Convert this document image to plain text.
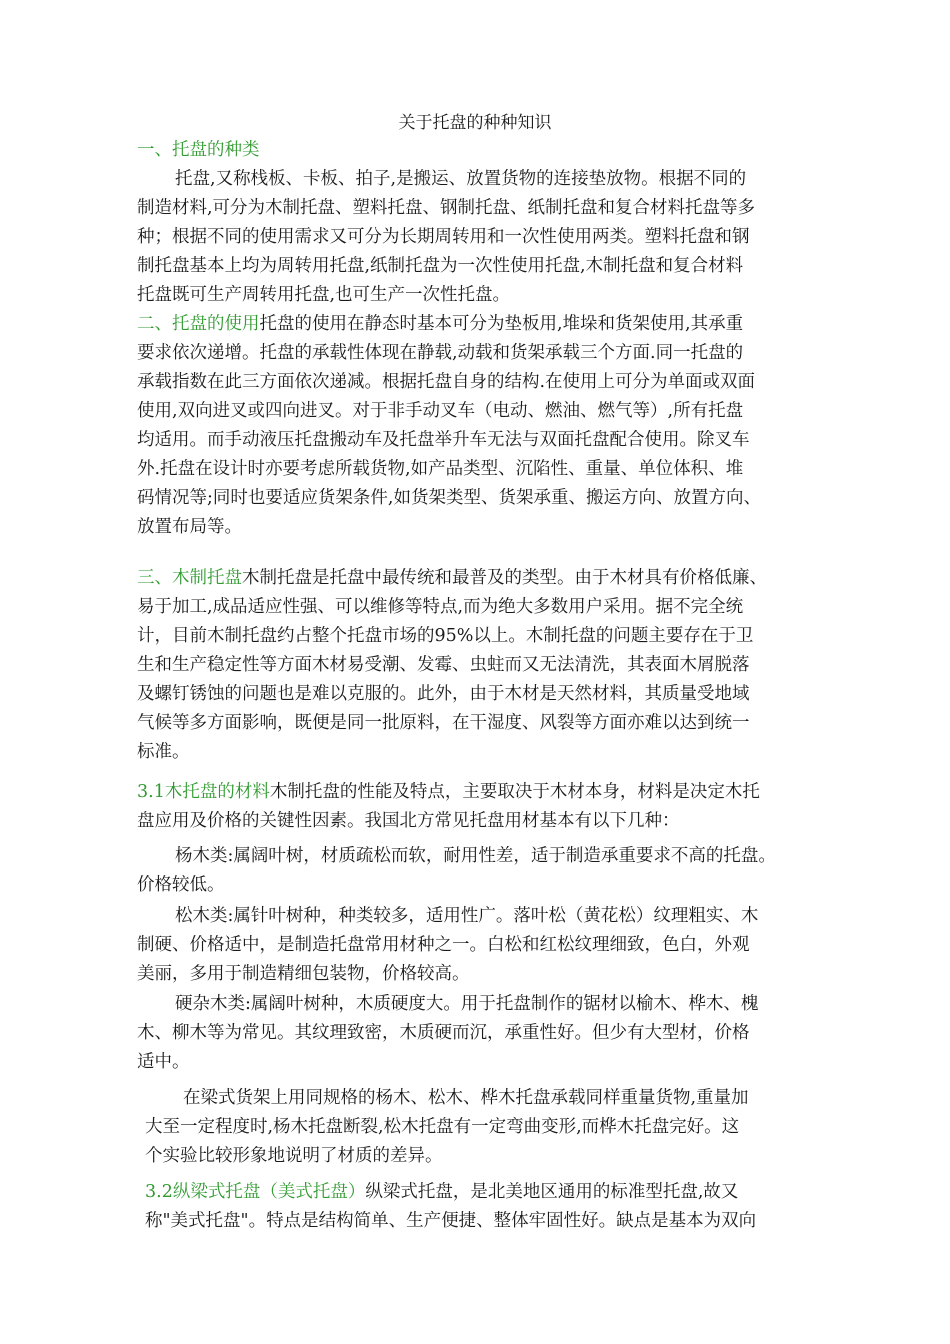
关于托盘的种种知识
一、托盘的种类
托盘,又称栈板、卡板、拍子,是搬运、放置货物的连接垫放物。根据不同的
制造材料,可分为木制托盘、塑料托盘、钢制托盘、纸制托盘和复合材料托盘等多
种；根据不同的使用需求又可分为长期周转用和一次性使用两类。塑料托盘和钢
制托盘基本上均为周转用托盘,纸制托盘为一次性使用托盘,木制托盘和复合材料
托盘既可生产周转用托盘,也可生产一次性托盘。
二、托盘的使用托盘的使用在静态时基本可分为垫板用,堆垛和货架使用,其承重
要求依次递增。托盘的承载性体现在静载,动载和货架承载三个方面.同一托盘的
承载指数在此三方面依次递减。根据托盘自身的结构.在使用上可分为单面或双面
使用,双向进叉或四向进叉。对于非手动叉车（电动、燃油、燃气等）,所有托盘
均适用。而手动液压托盘搬动车及托盘举升车无法与双面托盘配合使用。除叉车
外.托盘在设计时亦要考虑所载货物,如产品类型、沉陷性、重量、单位体积、堆
码情况等;同时也要适应货架条件,如货架类型、货架承重、搬运方向、放置方向、
放置布局等。
三、木制托盘木制托盘是托盘中最传统和最普及的类型。由于木材具有价格低廉、
易于加工,成品适应性强、可以维修等特点,而为绝大多数用户采用。据不完全统
计，目前木制托盘约占整个托盘市场的95%以上。木制托盘的问题主要存在于卫
生和生产稳定性等方面木材易受潮、发霉、虫蛀而又无法清洗，其表面木屑脱落
及螺钉锈蚀的问题也是难以克服的。此外，由于木材是天然材料，其质量受地域
气候等多方面影响，既便是同一批原料，在干湿度、风裂等方面亦难以达到统一
标准。
3.1木托盘的材料木制托盘的性能及特点，主要取决于木材本身，材料是决定木托
盘应用及价格的关键性因素。我国北方常见托盘用材基本有以下几种：
杨木类:属阔叶树，材质疏松而软，耐用性差，适于制造承重要求不高的托盘。
价格较低。
松木类:属针叶树种，种类较多，适用性广。落叶松（黄花松）纹理粗实、木
制硬、价格适中，是制造托盘常用材种之一。白松和红松纹理细致，色白，外观
美丽，多用于制造精细包装物，价格较高。
硬杂木类:属阔叶树种，木质硬度大。用于托盘制作的锯材以榆木、桦木、槐
木、柳木等为常见。其纹理致密，木质硬而沉，承重性好。但少有大型材，价格
适中。
在梁式货架上用同规格的杨木、松木、桦木托盘承载同样重量货物,重量加
大至一定程度时,杨木托盘断裂,松木托盘有一定弯曲变形,而桦木托盘完好。这
个实验比较形象地说明了材质的差异。
3.2纵梁式托盘（美式托盘）纵梁式托盘，是北美地区通用的标准型托盘,故又
称"美式托盘"。特点是结构简单、生产便捷、整体牢固性好。缺点是基本为双向
